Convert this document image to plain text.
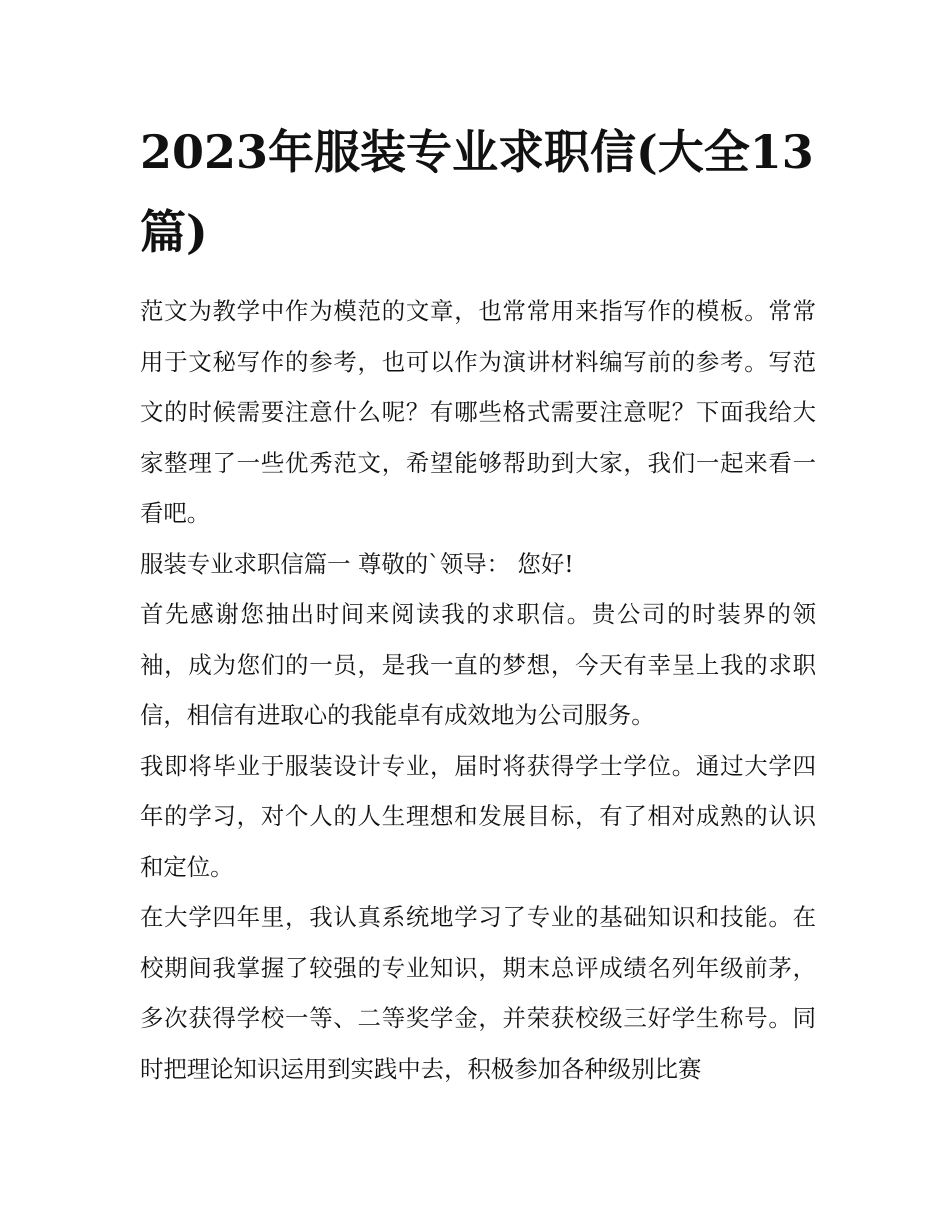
2023年服装专业求职信(大全13篇)

范文为教学中作为模范的文章，也常常用来指写作的模板。常常用于文秘写作的参考，也可以作为演讲材料编写前的参考。写范文的时候需要注意什么呢？有哪些格式需要注意呢？下面我给大家整理了一些优秀范文，希望能够帮助到大家，我们一起来看一看吧。

服装专业求职信篇一 尊敬的`领导： 您好!

首先感谢您抽出时间来阅读我的求职信。贵公司的时装界的领袖，成为您们的一员，是我一直的梦想，今天有幸呈上我的求职信，相信有进取心的我能卓有成效地为公司服务。

我即将毕业于服装设计专业，届时将获得学士学位。通过大学四年的学习，对个人的人生理想和发展目标，有了相对成熟的认识和定位。

在大学四年里，我认真系统地学习了专业的基础知识和技能。在校期间我掌握了较强的专业知识，期末总评成绩名列年级前茅，多次获得学校一等、二等奖学金，并荣获校级三好学生称号。同时把理论知识运用到实践中去，积极参加各种级别比赛
